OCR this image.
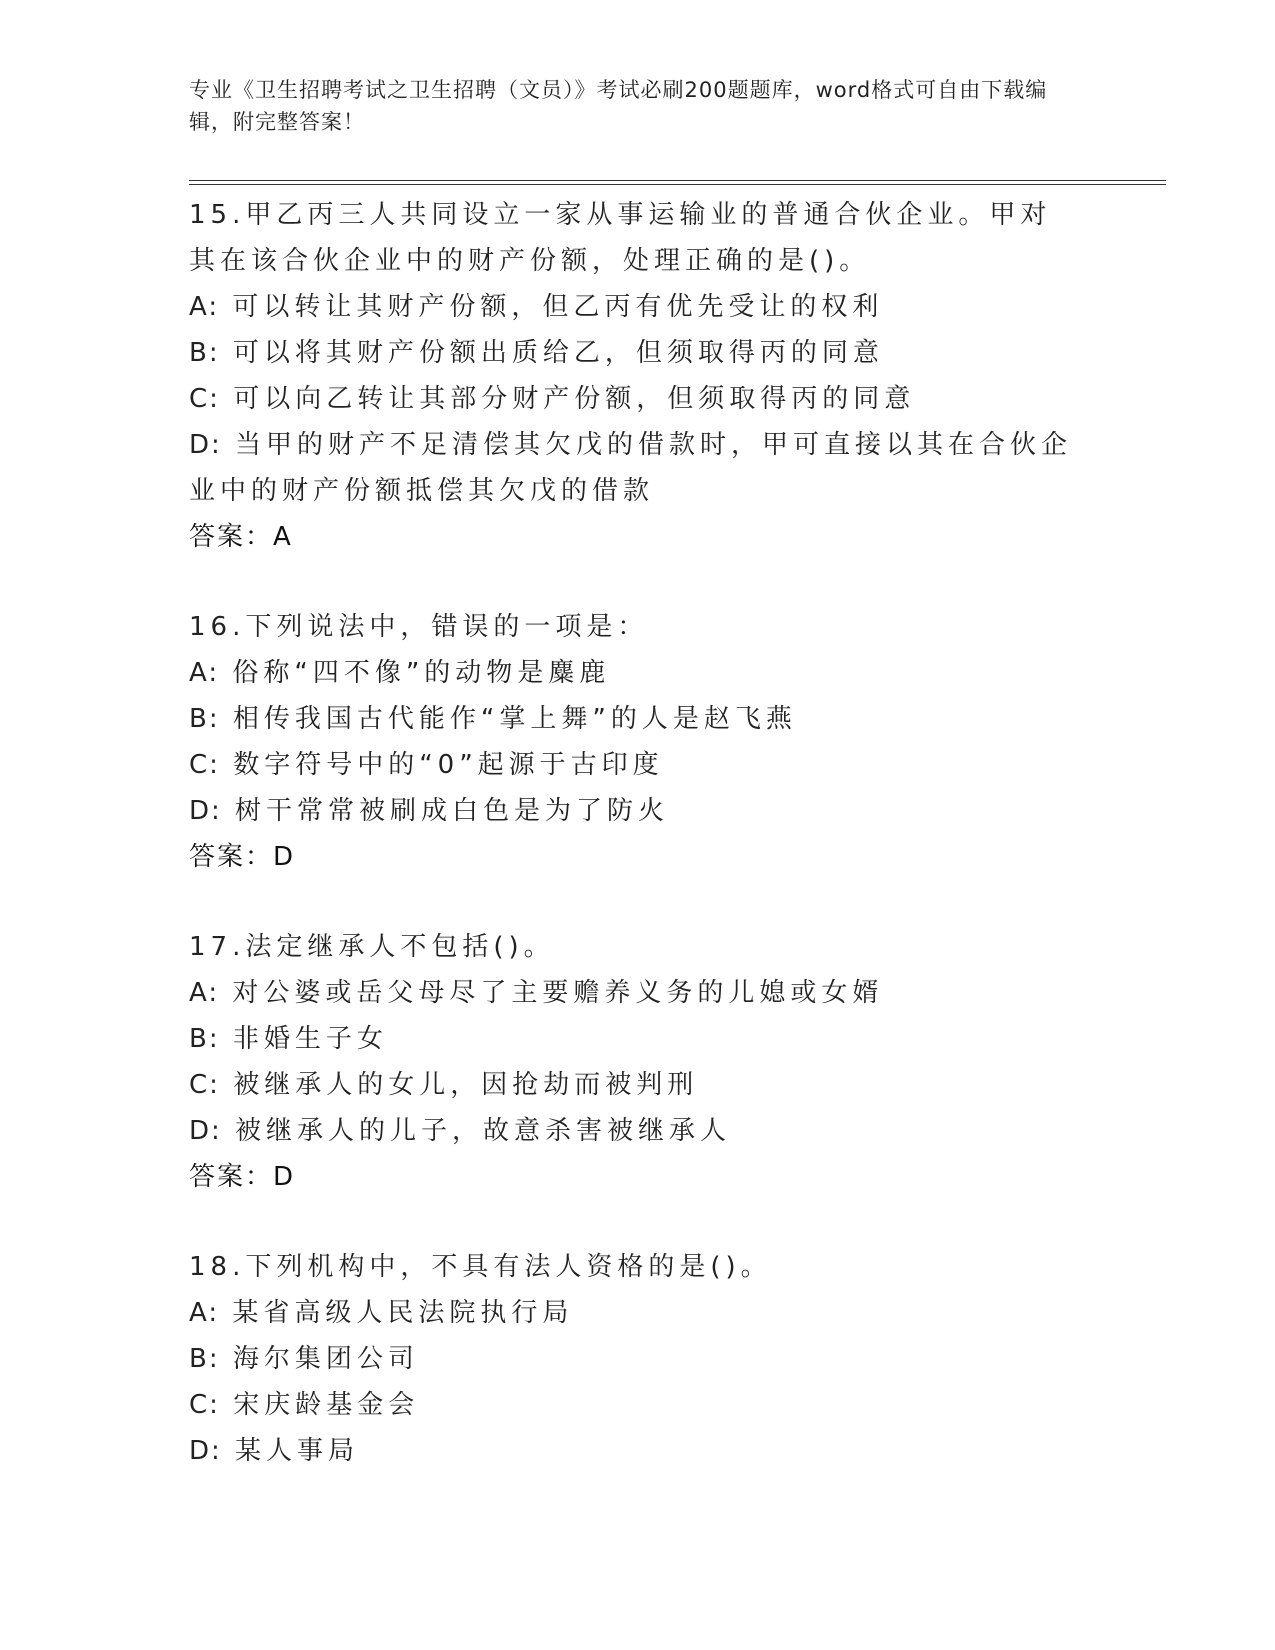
专业《卫生招聘考试之卫生招聘（文员）》考试必刷200题题库，word格式可自由下载编辑，附完整答案！
15.甲乙丙三人共同设立一家从事运输业的普通合伙企业。甲对其在该合伙企业中的财产份额，处理正确的是()。
A: 可以转让其财产份额，但乙丙有优先受让的权利
B: 可以将其财产份额出质给乙，但须取得丙的同意
C: 可以向乙转让其部分财产份额，但须取得丙的同意
D: 当甲的财产不足清偿其欠戊的借款时，甲可直接以其在合伙企业中的财产份额抵偿其欠戊的借款
答案：A
16.下列说法中，错误的一项是：
A: 俗称“四不像”的动物是麋鹿
B: 相传我国古代能作“掌上舞”的人是赵飞燕
C: 数字符号中的“0”起源于古印度
D: 树干常常被刷成白色是为了防火
答案：D
17.法定继承人不包括()。
A: 对公婆或岳父母尽了主要赡养义务的儿媳或女婿
B: 非婚生子女
C: 被继承人的女儿，因抢劫而被判刑
D: 被继承人的儿子，故意杀害被继承人
答案：D
18.下列机构中，不具有法人资格的是()。
A: 某省高级人民法院执行局
B: 海尔集团公司
C: 宋庆龄基金会
D: 某人事局
